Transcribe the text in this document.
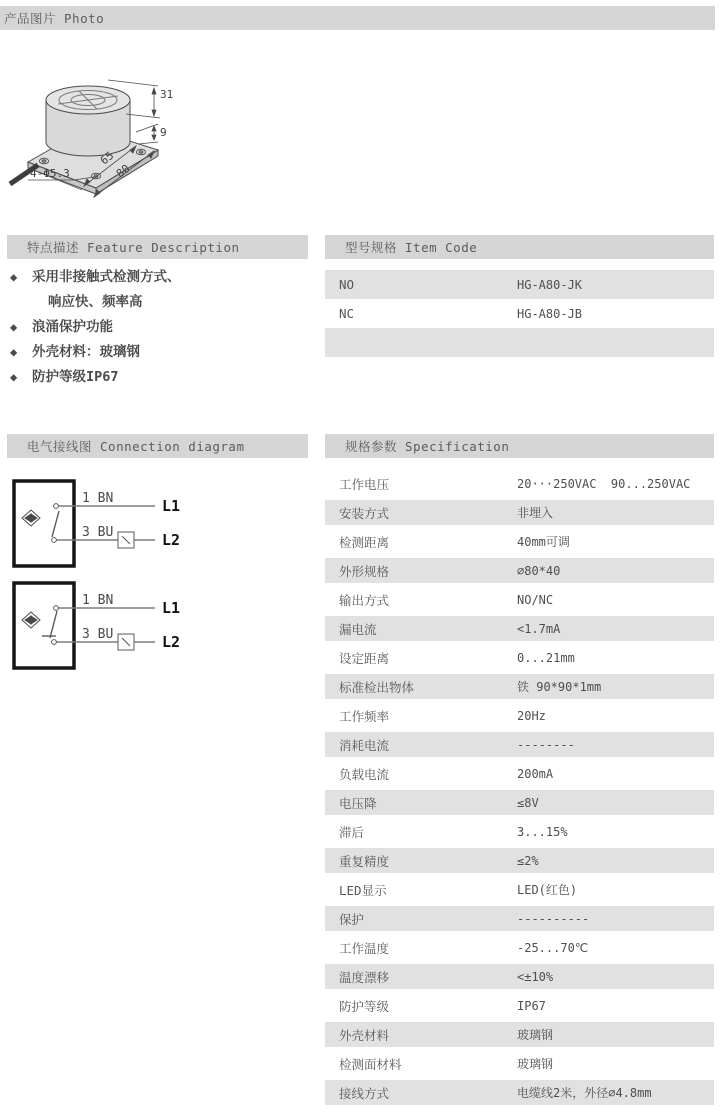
产品图片 Photo
31
9
65
80
4-Φ5.3
特点描述 Feature Description
◆	采用非接触式检测方式、
响应快、频率高
◆	浪涌保护功能
◆	外壳材料：玻璃钢
◆	防护等级IP67
型号规格 Item Code
NO	HG-A80-JK
NC	HG-A80-JB
电气接线图 Connection diagram
1 BN
3 BU
L1
L2
1 BN
3 BU
L1
L2
规格参数 Specification
工作电压	20···250VAC  90...250VAC
安装方式	非埋入
检测距离	40mm可调
外形规格	∅80*40
输出方式	NO/NC
漏电流	<1.7mA
设定距离	0...21mm
标准检出物体	铁 90*90*1mm
工作频率	20Hz
消耗电流	--------
负载电流	200mA
电压降	≤8V
滞后	3...15%
重复精度	≤2%
LED显示	LED(红色)
保护	----------
工作温度	-25...70℃
温度漂移	<±10%
防护等级	IP67
外壳材料	玻璃钢
检测面材料	玻璃钢
接线方式	电缆线2米，外径∅4.8mm
